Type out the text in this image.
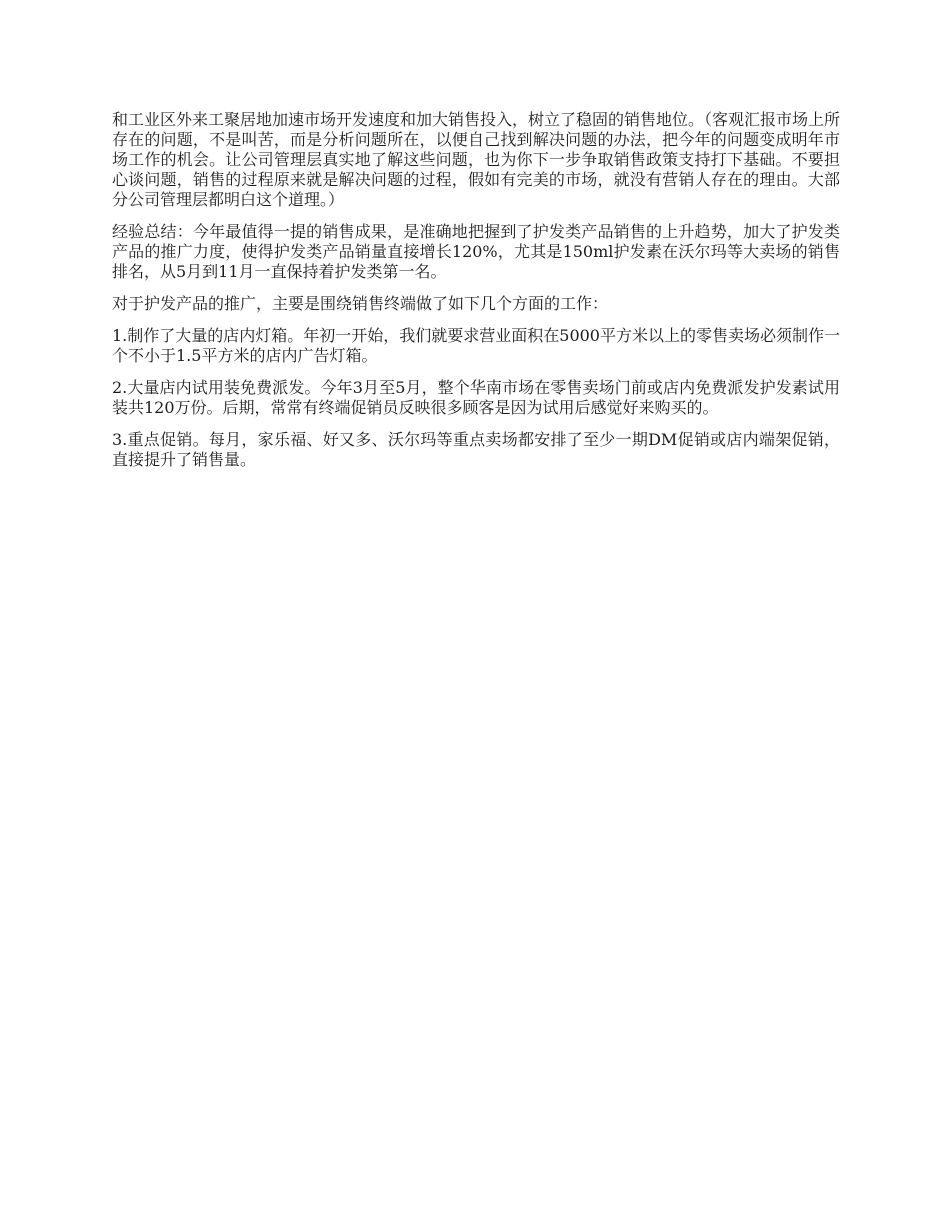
和工业区外来工聚居地加速市场开发速度和加大销售投入，树立了稳固的销售地位。（客观汇报市场上所存在的问题，不是叫苦，而是分析问题所在，以便自己找到解决问题的办法，把今年的问题变成明年市场工作的机会。让公司管理层真实地了解这些问题，也为你下一步争取销售政策支持打下基础。不要担心谈问题，销售的过程原来就是解决问题的过程，假如有完美的市场，就没有营销人存在的理由。大部分公司管理层都明白这个道理。）

经验总结：今年最值得一提的销售成果，是准确地把握到了护发类产品销售的上升趋势，加大了护发类产品的推广力度，使得护发类产品销量直接增长120%，尤其是150ml护发素在沃尔玛等大卖场的销售排名，从5月到11月一直保持着护发类第一名。

对于护发产品的推广，主要是围绕销售终端做了如下几个方面的工作：

1.制作了大量的店内灯箱。年初一开始，我们就要求营业面积在5000平方米以上的零售卖场必须制作一个不小于1.5平方米的店内广告灯箱。

2.大量店内试用装免费派发。今年3月至5月，整个华南市场在零售卖场门前或店内免费派发护发素试用装共120万份。后期，常常有终端促销员反映很多顾客是因为试用后感觉好来购买的。

3.重点促销。每月，家乐福、好又多、沃尔玛等重点卖场都安排了至少一期DM促销或店内端架促销，直接提升了销售量。
